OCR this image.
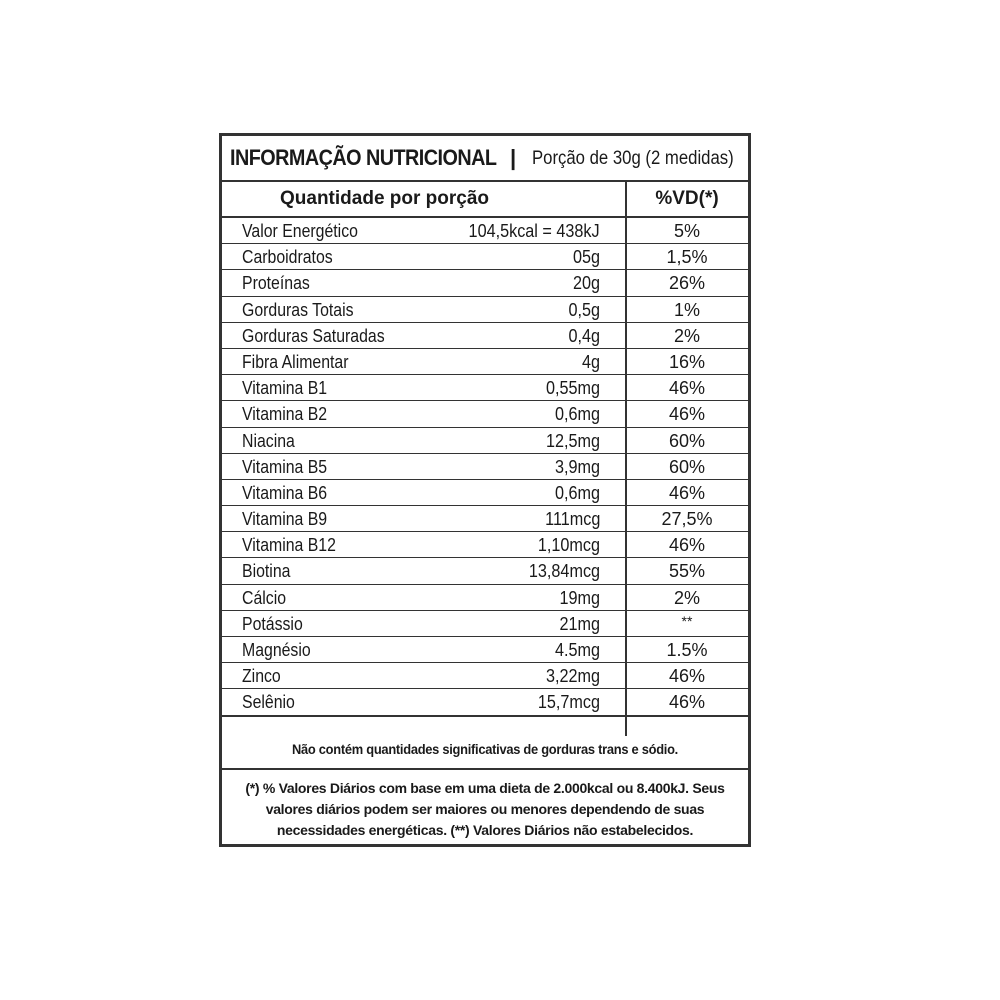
INFORMAÇÃO NUTRICIONAL | Porção de 30g (2 medidas)
Quantidade por porção	%VD(*)
Valor Energético	104,5kcal = 438kJ	5%
Carboidratos	05g	1,5%
Proteínas	20g	26%
Gorduras Totais	0,5g	1%
Gorduras Saturadas	0,4g	2%
Fibra Alimentar	4g	16%
Vitamina B1	0,55mg	46%
Vitamina B2	0,6mg	46%
Niacina	12,5mg	60%
Vitamina B5	3,9mg	60%
Vitamina B6	0,6mg	46%
Vitamina B9	111mcg	27,5%
Vitamina B12	1,10mcg	46%
Biotina	13,84mcg	55%
Cálcio	19mg	2%
Potássio	21mg	**
Magnésio	4.5mg	1.5%
Zinco	3,22mg	46%
Selênio	15,7mcg	46%
Não contém quantidades significativas de gorduras trans e sódio.
(*) % Valores Diários com base em uma dieta de 2.000kcal ou 8.400kJ. Seus valores diários podem ser maiores ou menores dependendo de suas necessidades energéticas. (**) Valores Diários não estabelecidos.
